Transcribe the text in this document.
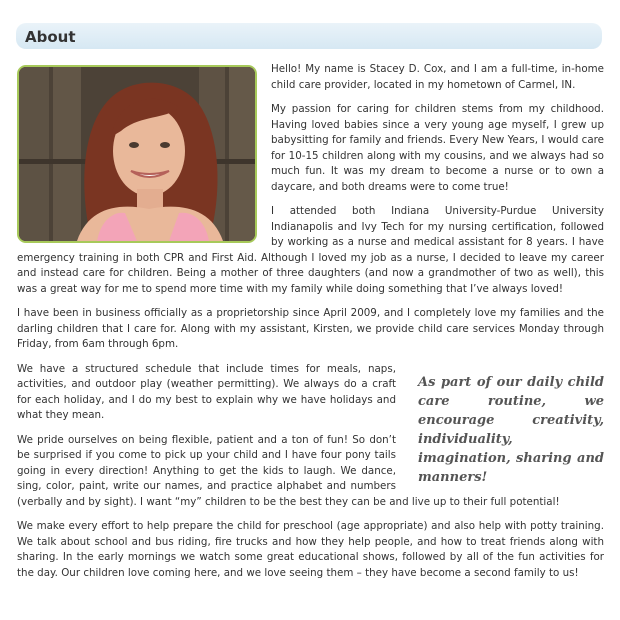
About

Hello! My name is Stacey D. Cox, and I am a full-time, in-home child care provider, located in my hometown of Carmel, IN.

My passion for caring for children stems from my childhood. Having loved babies since a very young age myself, I grew up babysitting for family and friends. Every New Years, I would care for 10-15 children along with my cousins, and we always had so much fun. It was my dream to become a nurse or to own a daycare, and both dreams were to come true!

I attended both Indiana University-Purdue University Indianapolis and Ivy Tech for my nursing certification, followed by working as a nurse and medical assistant for 8 years. I have emergency training in both CPR and First Aid. Although I loved my job as a nurse, I decided to leave my career and instead care for children. Being a mother of three daughters (and now a grandmother of two as well), this was a great way for me to spend more time with my family while doing something that I’ve always loved!

I have been in business officially as a proprietorship since April 2009, and I completely love my families and the darling children that I care for. Along with my assistant, Kirsten, we provide child care services Monday through Friday, from 6am through 6pm.

As part of our daily child care routine, we encourage creativity, individuality, imagination, sharing and manners!

We have a structured schedule that include times for meals, naps, activities, and outdoor play (weather permitting). We always do a craft for each holiday, and I do my best to explain why we have holidays and what they mean.

We pride ourselves on being flexible, patient and a ton of fun! So don’t be surprised if you come to pick up your child and I have four pony tails going in every direction! Anything to get the kids to laugh. We dance, sing, color, paint, write our names, and practice alphabet and numbers (verbally and by sight). I want “my” children to be the best they can be and live up to their full potential!

We make every effort to help prepare the child for preschool (age appropriate) and also help with potty training. We talk about school and bus riding, fire trucks and how they help people, and how to treat friends along with sharing. In the early mornings we watch some great educational shows, followed by all of the fun activities for the day. Our children love coming here, and we love seeing them – they have become a second family to us!
